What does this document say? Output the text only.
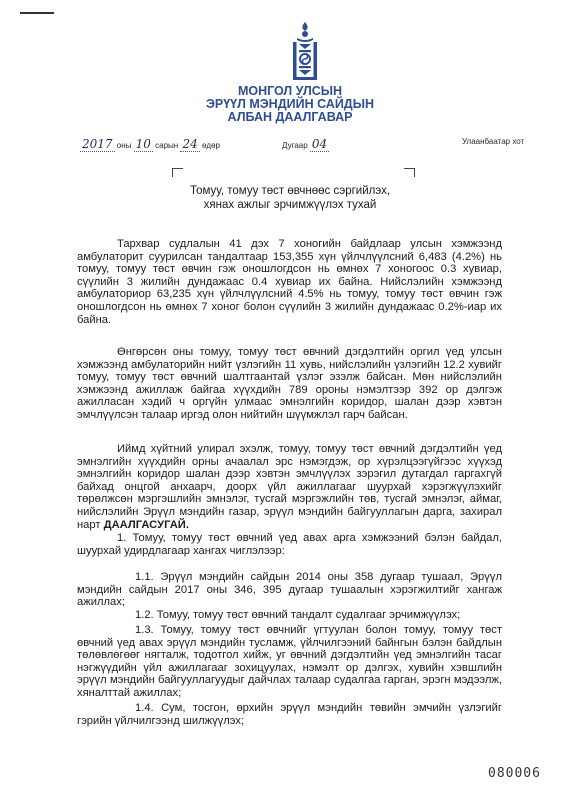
МОНГОЛ УЛСЫН
ЭРҮҮЛ МЭНДИЙН САЙДЫН
АЛБАН ДААЛГАВАР
2017 оны 10 сарын 24 өдөр	Дугаар 04	Улаанбаатар хот
Томуу, томуу төст өвчнөөс сэргийлэх,
хянах ажлыг эрчимжүүлэх тухай

Тархвар судлалын 41 дэх 7 хоногийн байдлаар улсын хэмжээнд амбулаторит суурилсан тандалтаар 153,355 хүн үйлчлүүлсний 6,483 (4.2%) нь томуу, томуу төст өвчин гэж оношлогдсон нь өмнөх 7 хоногоос 0.3 хувиар, сүүлийн 3 жилийн дундажаас 0.4 хувиар их байна. Нийслэлийн хэмжээнд амбулаториор 63,235 хүн үйлчлүүлсний 4.5% нь томуу, томуу төст өвчин гэж оношлогдсон нь өмнөх 7 хоног болон сүүлийн 3 жилийн дундажаас 0.2%-иар их байна.

Өнгөрсөн оны томуу, томуу төст өвчний дэгдэлтийн оргил үед улсын хэмжээнд амбулаторийн нийт үзлэгийн 11 хувь, нийслэлийн үзлэгийн 12.2 хувийг томуу, томуу төст өвчний шалтгаантай үзлэг эзэлж байсан. Мөн нийслэлийн хэмжээнд ажиллаж байгаа хүүхдийн 789 ороны нэмэлтээр 392 ор дэлгэж ажилласан хэдий ч оргүйн улмаас эмнэлгийн коридор, шалан дээр хэвтэн эмчлүүлсэн талаар иргэд олон нийтийн шүүмжлэл гарч байсан.

Иймд хүйтний улирал эхэлж, томуу, томуу төст өвчний дэгдэлтийн үед эмнэлгийн хүүхдийн орны ачаалал эрс нэмэгдэж, ор хүрэлцээгүйгээс хүүхэд эмнэлгийн коридор шалан дээр хэвтэн эмчлүүлэх зэрэгил дутагдал гаргахгүй байхад онцгой анхаарч, доорх үйл ажиллагааг шуурхай хэрэгжүүлэхийг төрөлжсөн мэргэшлийн эмнэлэг, тусгай мэргэжлийн төв, тусгай эмнэлэг, аймаг, нийслэлийн Эрүүл мэндийн газар, эрүүл мэндийн байгууллагын дарга, захирал нарт ДААЛГАСУГАЙ.

1. Томуу, томуу төст өвчний үед авах арга хэмжээний бэлэн байдал, шуурхай удирдлагаар хангах чиглэлээр:

1.1. Эрүүл мэндийн сайдын 2014 оны 358 дугаар тушаал, Эрүүл мэндийн сайдын 2017 оны 346, 395 дугаар тушаалын хэрэгжилтийг хангаж ажиллах;

1.2. Томуу, томуу төст өвчний тандалт судалгааг эрчимжүүлэх;

1.3. Томуу, томуу төст өвчнийг үгтуулан болон томуу, томуу төст өвчний үед авах эрүүл мэндийн тусламж, үйлчилгээний байнгын бэлэн байдлын төлөвлөгөөг нягталж, тодотгол хийж, уг өвчний дэгдэлтийн үед эмнэлгийн тасаг нэгжүүдийн үйл ажиллагааг зохицуулах, нэмэлт ор дэлгэх, хувийн хэвшлийн эрүүл мэндийн байгууллагуудыг дайчлах талаар судалгаа гарган, эрэгн мэдээлж, хяналттай ажиллах;

1.4. Сум, тосгон, өрхийн эрүүл мэндийн төвийн эмчийн үзлэгийг гэрийн үйлчилгээнд шилжүүлэх;

080006
